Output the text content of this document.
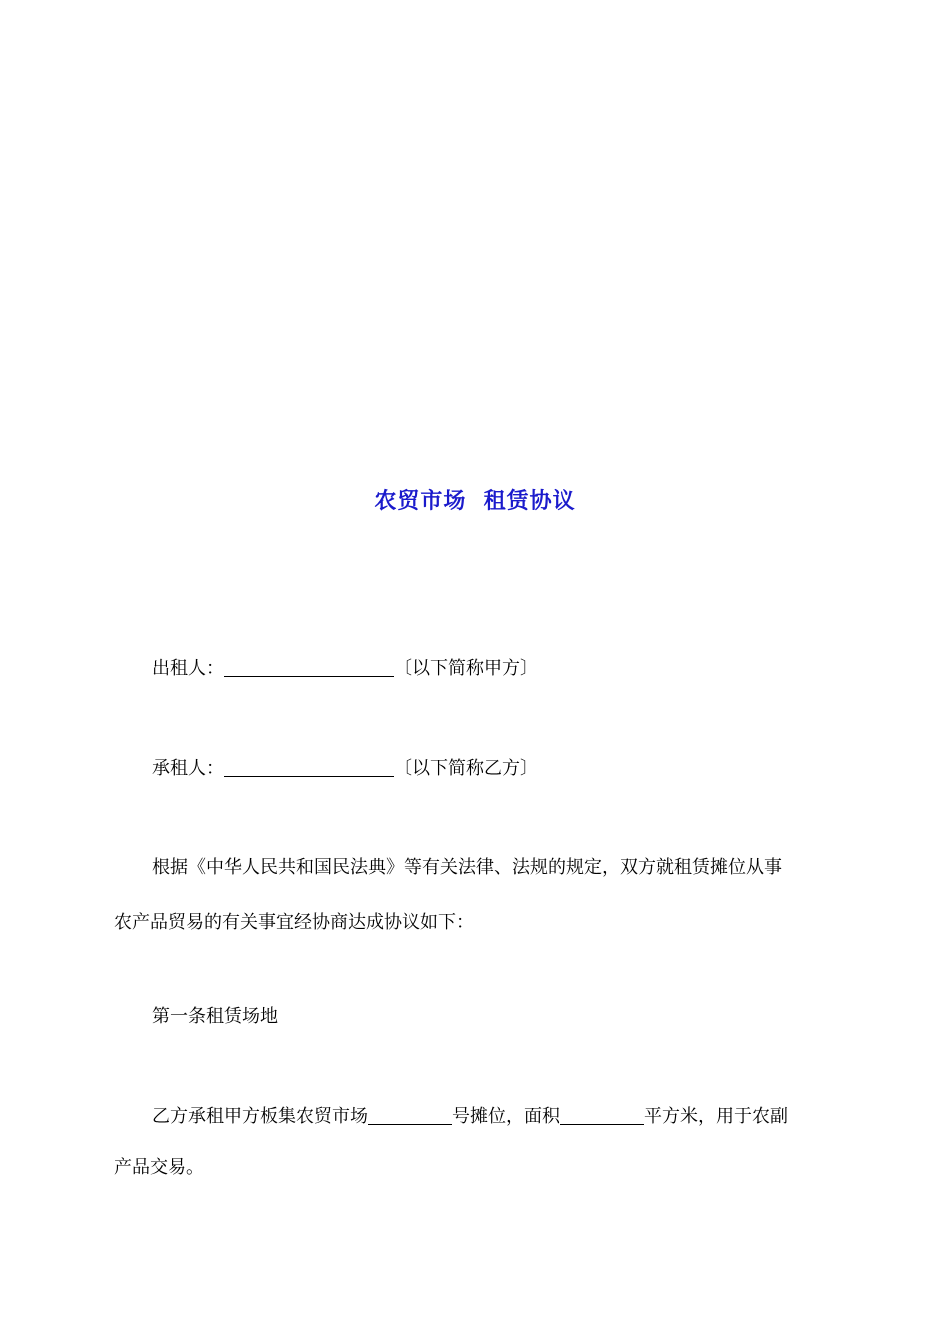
农贸市场  租赁协议
出租人：	〔以下简称甲方〕
承租人：	〔以下简称乙方〕
根据《中华人民共和国民法典》等有关法律、法规的规定，双方就租赁摊位从事
农产品贸易的有关事宜经协商达成协议如下：
第一条租赁场地
乙方承租甲方板集农贸市场	号摊位，面积	平方米，用于农副
产品交易。
